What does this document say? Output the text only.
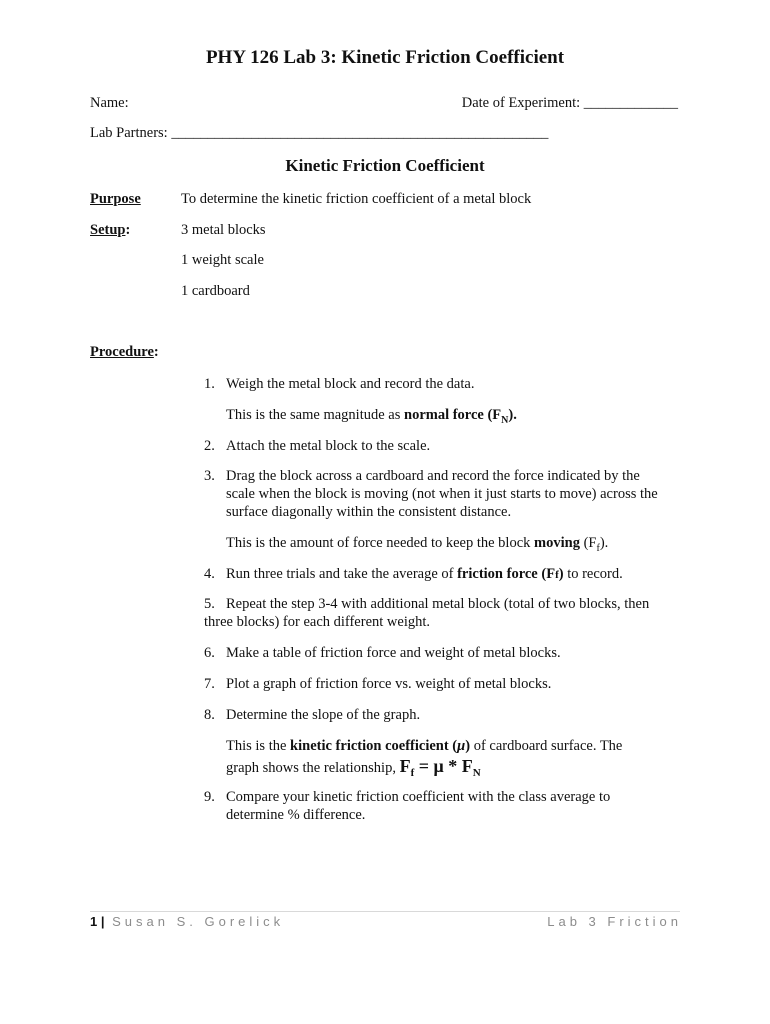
PHY 126 Lab 3: Kinetic Friction Coefficient
Name:	Date of Experiment: _____________
Lab Partners: ____________________________________________________
Kinetic Friction Coefficient
Purpose	To determine the kinetic friction coefficient of a metal block
Setup:	3 metal blocks
1 weight scale
1 cardboard
Procedure:
1. Weigh the metal block and record the data.
This is the same magnitude as normal force $(F_N)$.
2. Attach the metal block to the scale.
3. Drag the block across a cardboard and record the force indicated by the
scale when the block is moving (not when it just starts to move) across the
surface diagonally within the consistent distance.
This is the amount of force needed to keep the block moving $(F_f)$.
4. Run three trials and take the average of friction force (Ff) to record.
5. Repeat the step 3-4 with additional metal block (total of two blocks, then
three blocks) for each different weight.
6. Make a table of friction force and weight of metal blocks.
7. Plot a graph of friction force vs. weight of metal blocks.
8. Determine the slope of the graph.
This is the kinetic friction coefficient (μ) of cardboard surface. The
graph shows the relationship, $F_f = \mu * F_N$
9. Compare your kinetic friction coefficient with the class average to
determine % difference.
1 | Susan S. Gorelick	Lab 3 Friction
